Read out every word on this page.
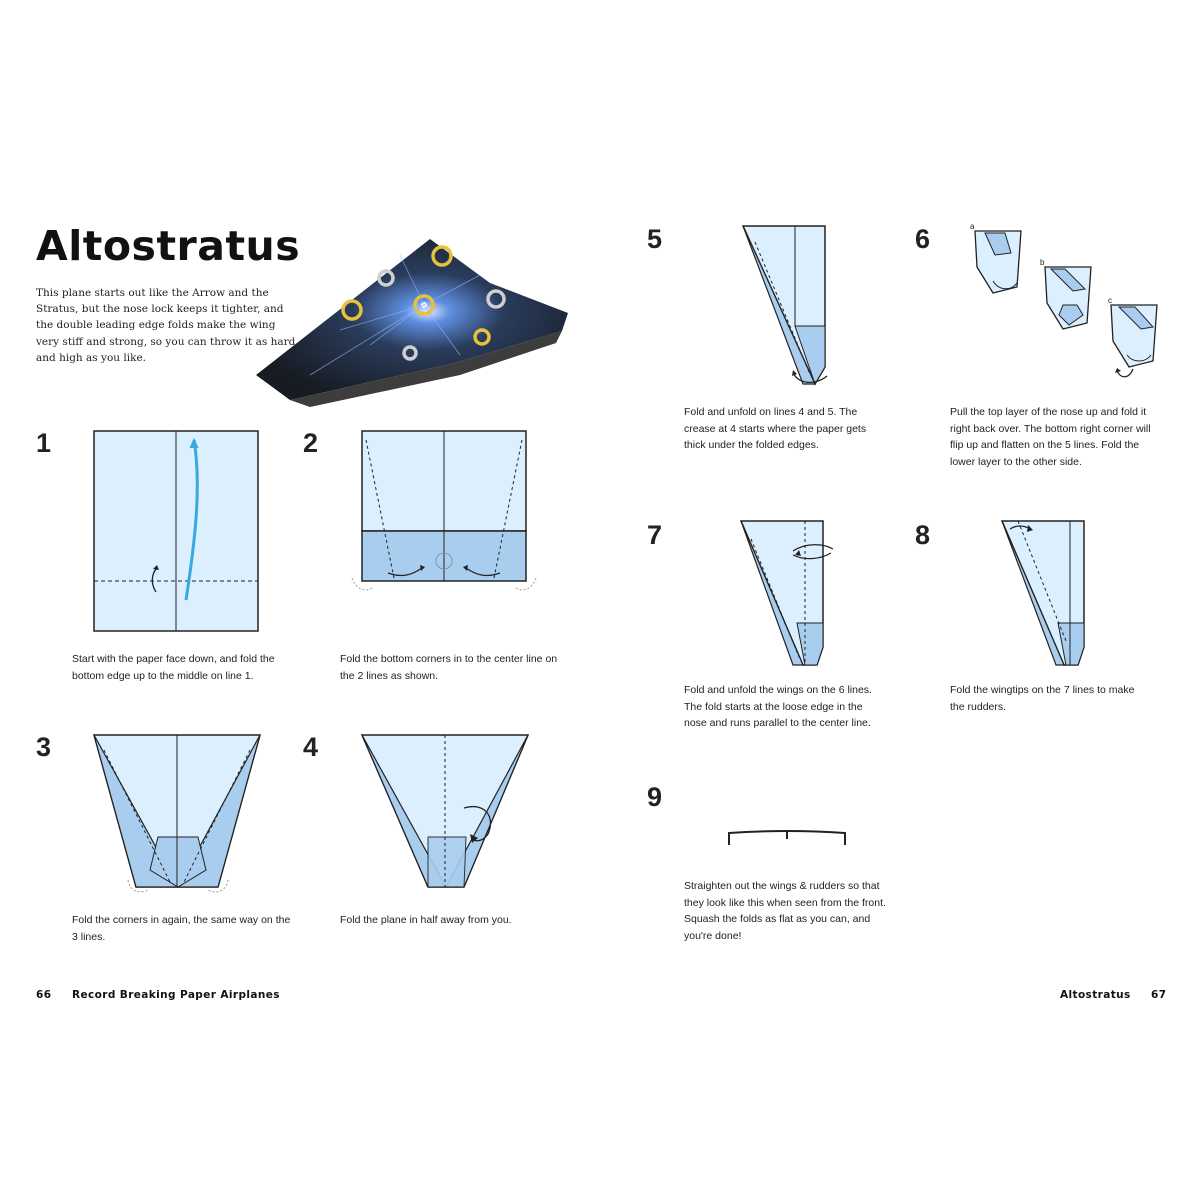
Altostratus
This plane starts out like the Arrow and the Stratus, but the nose lock keeps it tighter, and the double leading edge folds make the wing very stiff and strong, so you can throw it as hard and high as you like.
1
Start with the paper face down, and fold the bottom edge up to the middle on line 1.
2
Fold the bottom corners in to the center line on the 2 lines as shown.
3
Fold the corners in again, the same way on the 3 lines.
4
Fold the plane in half away from you.
66 Record Breaking Paper Airplanes
5
Fold and unfold on lines 4 and 5. The crease at 4 starts where the paper gets thick under the folded edges.
6	a
b
c
Pull the top layer of the nose up and fold it right back over. The bottom right corner will flip up and flatten on the 5 lines. Fold the lower layer to the other side.
7
Fold and unfold the wings on the 6 lines. The fold starts at the loose edge in the nose and runs parallel to the center line.
8
Fold the wingtips on the 7 lines to make the rudders.
9
Straighten out the wings & rudders so that they look like this when seen from the front. Squash the folds as flat as you can, and you're done!
Altostratus 67
